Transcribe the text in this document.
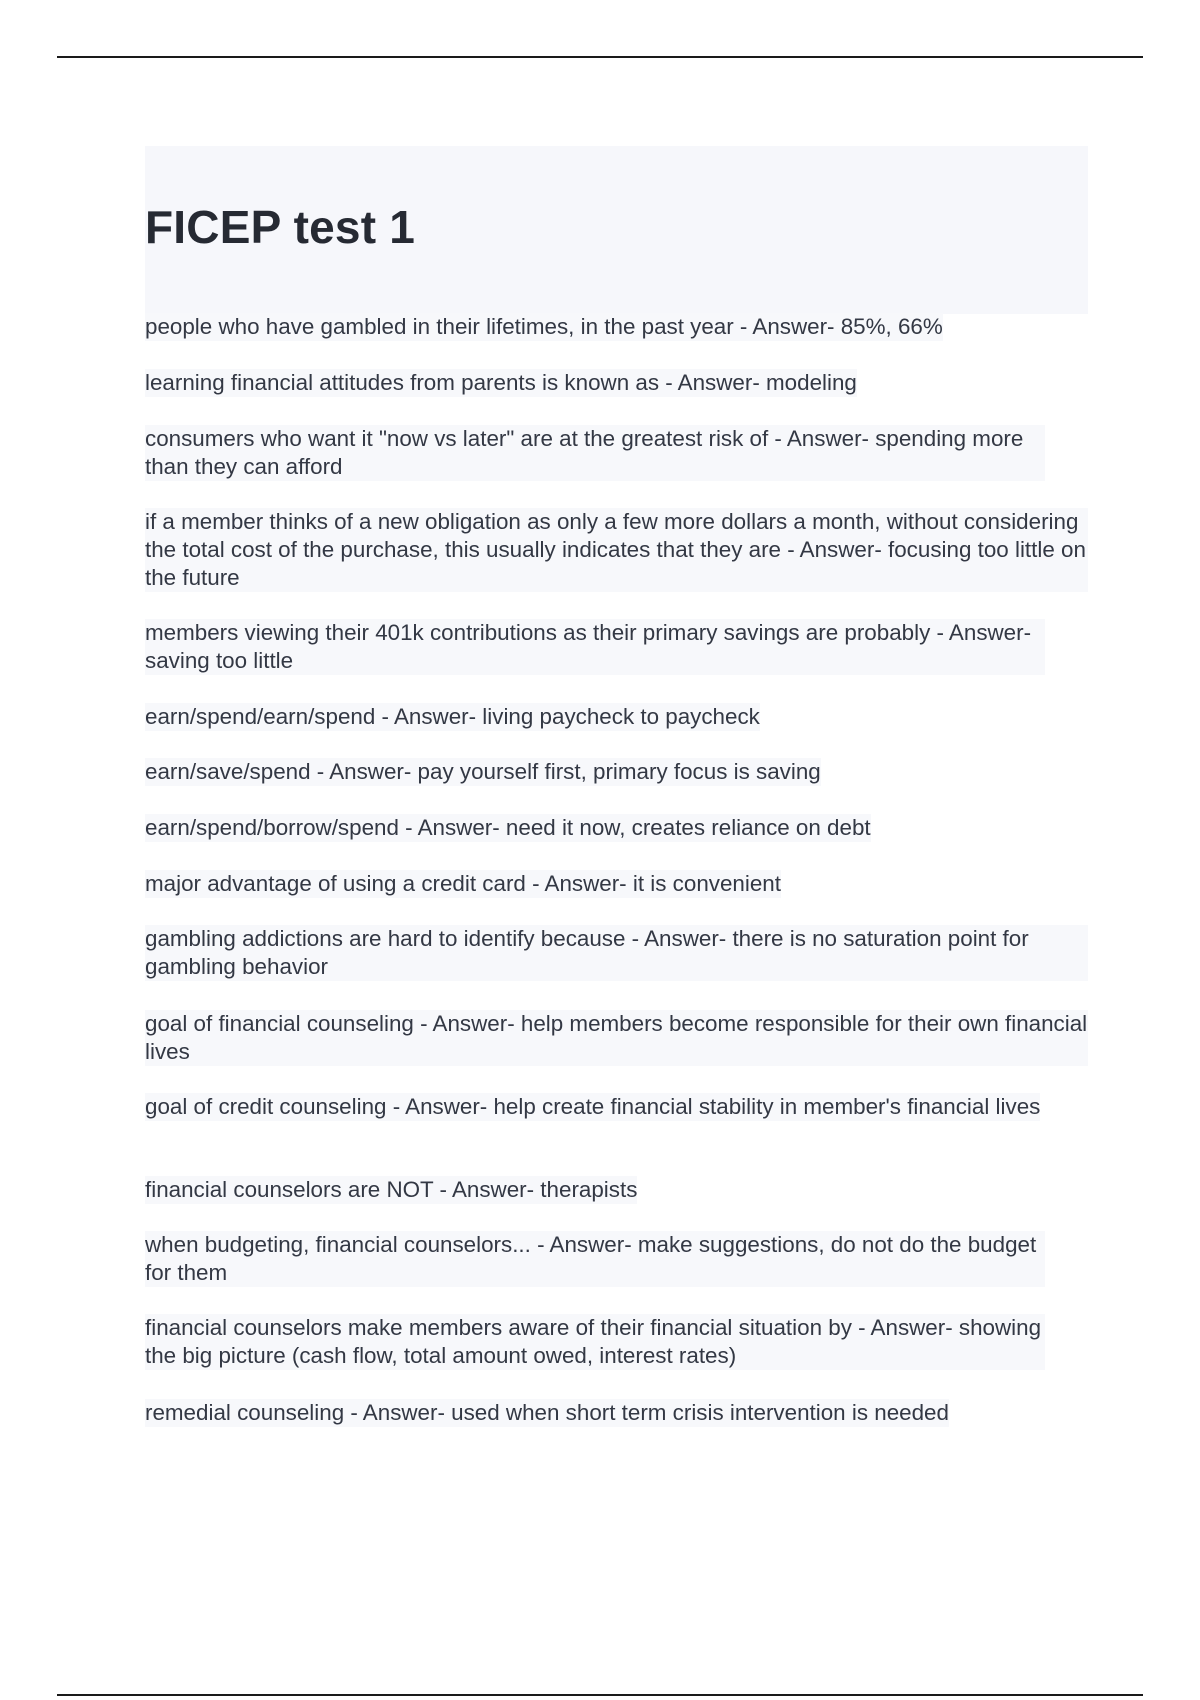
FICEP test 1
people who have gambled in their lifetimes, in the past year - Answer- 85%, 66%
learning financial attitudes from parents is known as - Answer- modeling
consumers who want it "now vs later" are at the greatest risk of - Answer- spending more than they can afford
if a member thinks of a new obligation as only a few more dollars a month, without considering the total cost of the purchase, this usually indicates that they are - Answer- focusing too little on the future
members viewing their 401k contributions as their primary savings are probably - Answer- saving too little
earn/spend/earn/spend - Answer- living paycheck to paycheck
earn/save/spend - Answer- pay yourself first, primary focus is saving
earn/spend/borrow/spend - Answer- need it now, creates reliance on debt
major advantage of using a credit card - Answer- it is convenient
gambling addictions are hard to identify because - Answer- there is no saturation point for gambling behavior
goal of financial counseling - Answer- help members become responsible for their own financial lives
goal of credit counseling - Answer- help create financial stability in member's financial lives
financial counselors are NOT - Answer- therapists
when budgeting, financial counselors... - Answer- make suggestions, do not do the budget for them
financial counselors make members aware of their financial situation by - Answer- showing the big picture (cash flow, total amount owed, interest rates)
remedial counseling - Answer- used when short term crisis intervention is needed
